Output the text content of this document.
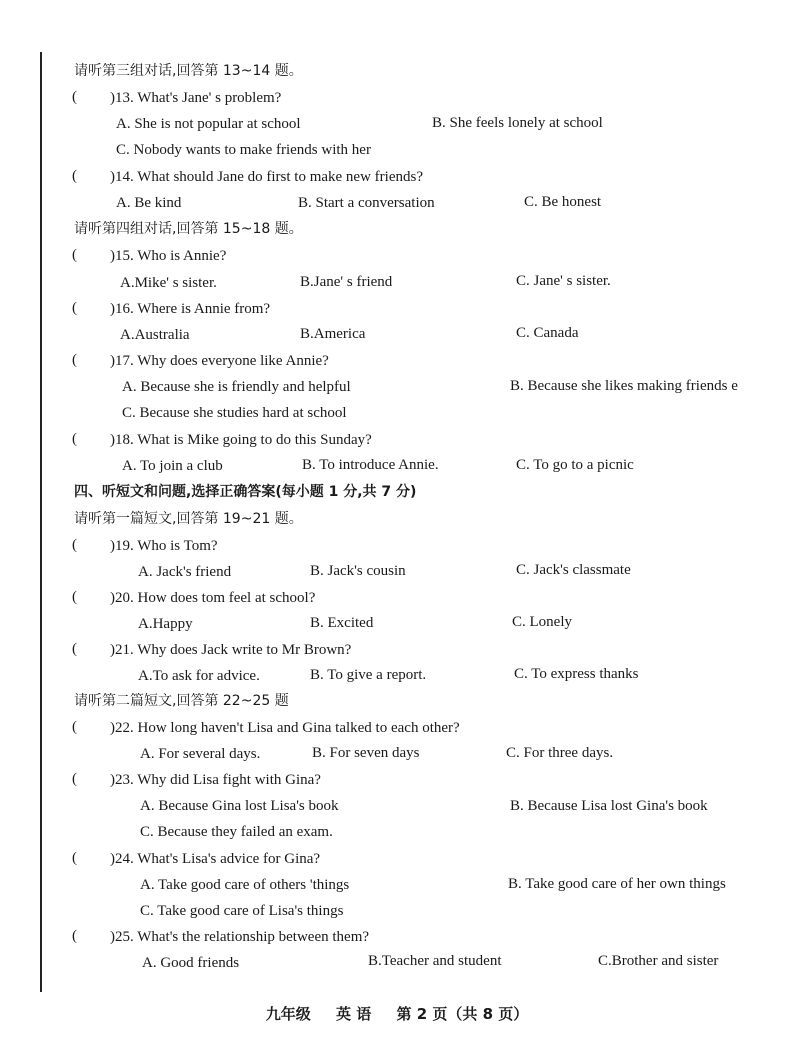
请听第三组对话,回答第 13~14 题。
( )13. What's Jane' s problem?
A. She is not popular at school	B. She feels lonely at school
C. Nobody wants to make friends with her
( )14. What should Jane do first to make new friends?
A. Be kind	B. Start a conversation	C. Be honest
请听第四组对话,回答第 15~18 题。
( )15. Who is Annie?
A.Mike' s sister.	B.Jane' s friend	C. Jane' s sister.
( )16. Where is Annie from?
A.Australia	B.America	C. Canada
( )17. Why does everyone like Annie?
A. Because she is friendly and helpful	B. Because she likes making friends e
C. Because she studies hard at school
( )18. What is Mike going to do this Sunday?
A. To join a club	B. To introduce Annie.	C. To go to a picnic
四、听短文和问题,选择正确答案(每小题 1 分,共 7 分)
请听第一篇短文,回答第 19~21 题。
( )19. Who is Tom?
A. Jack's friend	B. Jack's cousin	C. Jack's classmate
( )20. How does tom feel at school?
A.Happy	B. Excited	C. Lonely
( )21. Why does Jack write to Mr Brown?
A.To ask for advice.	B. To give a report.	C. To express thanks
请听第二篇短文,回答第 22~25 题
( )22. How long haven't Lisa and Gina talked to each other?
A. For several days.	B. For seven days	C. For three days.
( )23. Why did Lisa fight with Gina?
A. Because Gina lost Lisa's book	B. Because Lisa lost Gina's book
C. Because they failed an exam.
( )24. What's Lisa's advice for Gina?
A. Take good care of others 'things	B. Take good care of her own things
C. Take good care of Lisa's things
( )25. What's the relationship between them?
A. Good friends	B.Teacher and student	C.Brother and sister
九年级 英 语 第 2 页（共 8 页）
